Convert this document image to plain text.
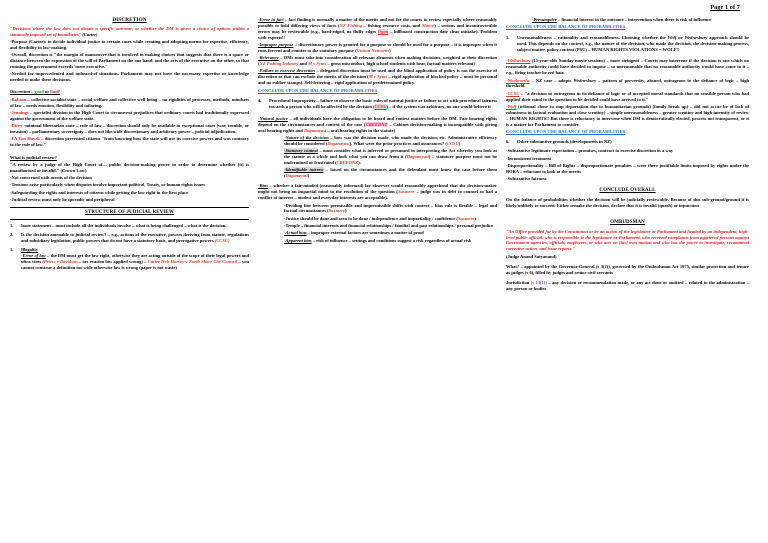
Page 1 of 7
DISCRETION

"Decisions where the law does not dictate a specific outcome, or whether the DM is given a choice of options within a statutorily imposed set of boundaries" (Carter)

-Purpose (Carter): to decide individual justice to certain cases while creating and adopting norms for expertise, efficiency, and flexibility in law-making.

-Overall, discretion is "the margin of manoeuvre that is involved in making choices that suggests that there is a space or distance between the expression of the will of Parliament on the one hand, and the acts of the executive on the other, so that running the government exceeds 'mere executive.'

-Needed for unprecedented and unheard-of situations. Parliament may not have the necessary expertise or knowledge needed to make these decisions.

Discretion – good or bad?

-Robson – collective socialist state – social welfare and collective well-being – no rigidities of processes, methods, mindsets of law – needs emotion, flexibility and tailoring.

-Jennings – specialist division in the High Court to circumvent prejudices that ordinary courts had traditionally expressed against the government of the welfare state.

-Dicey -minimal libertarian state – rule of law – discretion should only be available in exceptional cases (war, trouble, or invasion) – parliamentary sovereignty – does not like wide discretionary and arbitrary power – judicial adjudication.

-FA Von Hayek – discretion prevented citizens "from knowing how the state will use its coercive powers and was contrary to the rule of law."

What is judicial review?

"A review by a judge of the High Court of… public decision-making power in order to determine whether [it] is unauthorised or invalid." (Crown Law)

-Not concerned with merits of the decision

-Tensions arise particularly when disputes involve important political, Treaty, or human rights issues

-Safeguarding the rights and interests of citizens while getting the law right in the first place

-Judicial review must only be sporadic and peripheral

STRUCTURE OF JUDICIAL REVIEW
1.	Issue statement – must include all the individuals involve – what is being challenged – what is the decision.
2.	Is the decision amenable to judicial review? – e.g., actions of the executive, powers deriving from statute, regulations and subsidiary legislation, public powers that do not have a statutory basis, and prerogative powers (CCSU)
3.	Illegality

-Error of law – the DM must get the law right, otherwise they are acting outside of the scope of their legal powers and ultra vires (Peters v Davidson – tax evasion law applied wrong) – Carter Holt Harvey v North Shore City Council – you cannot construe a definition too wide otherwise law is wrong (paper is not waste)

-Error in fact – fact finding is normally a matter of the merits and not for the courts to review especially where reasonably possible to hold differing views of facts (NZ Fishing – fishing resource costs, and Moore) – serious and incontrovertible errors may be reviewable (e.g., hard-edged, no fluffy edges Ogan – billboard construction date clear mistake). Problem with experts!!

-Improper purpose – discretionary power is granted for a purpose so should be used for a purpose – it is improper when it runs fervent and counter to the statutory purpose (Unison Networks)

-Relevancy – DMs must take into consideration all relevant elements when making decisions, weighted at their discretion (NZ Fishing Industry and M v Syms – gross misconduct, high school students with bear, factual matters relevant)

-Failure to exercise discretion – delegated discretion must be used and the blind application of policy is not the exercise of discretion as that can exclude the merits of the decision (M v Syms – rigid application of blocked policy – must be personal and no rubber stamps). Self-fettering – rigid application of predetermined policy.

CONCLUDE UPON THE BALANCE OF PROBABILITIES

4.	Procedural Impropriety – failure to observe the basic rules of natural justice or failure to act with procedural fairness towards a person who will be affected by the decision (CCSU) – if the system was arbitrary, no one would believe it

-Natural justice – all individuals have the obligation to be heard and contest matters before the DM. Fair hearing rights depend on the circumstances and context of the case (CREEDNZ – Cabinet decision-making is incompatible with giving oral hearing rights and Daganayasi – oral hearing rights in the statute)

-Nature of the decision – how was the decision made, who made the decision, etc. Administrative efficiency should be considered (Daganayasi). What were the prior practices and assurances? (CCSU)

-Statutory context – must consider what is inferred or presumed in interpreting the Act whereby you look at the statute as a whole and look what you can draw from it (Daganayasi) – statutory purpose must not be undermined or frustrated (CREEDNZ).

-Identifiable interest – based on the circumstances and the defendant must know the case before them (Daganayasi)

-Bias – whether a fair-minded (reasonably informed) lay observer would reasonably apprehend that the decision-maker might not bring an impartial mind to the resolution of the question (Saxmere – judge was in debt to counsel so had a conflict of interest – modest and everyday interests are acceptable).

-Dividing line between permissible and impermissible shifts with context – bias rule is flexible – legal and factual circumstances (Saxmere)

-Justice should be done and seen to be done / independence and impartiality / confidence (Saxmere)

-Temple – financial interests and financial relationships / familial and past relationships / personal prejudice

-Actual bias – improper external factors are sometimes a matter of proof

-Apparent bias – risk of influence – settings and conditions suggest a risk regardless of actual risk

-Presumptive – financial interest in the outcome – intervention when there is risk of influence

CONCLUDE UPON THE BALANCE OF PROBABILITIES

5.	Unreasonableness – rationality and reasonableness. Choosing whether the Wolf or Wednesbury approach should be used. This depends on the context, e.g., the nature of the decision, who made the decision, the decision-making process, subject matter, policy content (PSU) – HUMAN RIGHTS VIOLATIONS = WOLF!!

-Wednesbury (15-year-olds Sunday movie sessions) – more stringent – Courts may intervene if the decision is one which no reasonable authority could have decided to impose – so unreasonable that no reasonable authority would have come to it – e.g., firing teacher be red hair.

-Woolworths – NZ case – adopts Wednesbury – pattern of perversity, absurd, outrageous in the defiance of logic – high threshold.

-CCSU – "a decision so outrageous in its defiance of logic or of accepted moral standards that no sensible person who had applied their mind to the question to be decided could have arrived to it."

-Wolf (tribunal chose to stop deportation due to humanitarian grounds) (family break up) – did not occur be of lack of robustness in factual evaluation and close scrutiny) – simple unreasonableness – greater scrutiny and high intensity of review – HUMAN RIGHTS!! But there is reluctancy to intervene when DM is democratically elected, process not transparent, or it is a matter for Parliament to consider.

CONCLUDE UPON THE BALANCE OF PROBABILITIES

6.	Other substantive grounds (developments in NZ)

-Substantive legitimate expectation – promises, contract to exercise discretion in a way

-Inconsistent treatment

-Disproportionality – Bill of Rights – disproportionate penalties – were there justifiable limits imposed by rights under the BORA – reluctant to look at the merits

-Substantive fairness

CONCLUDE OVERALL

On the balance of probabilities whether the decision will be judicially reviewable. Because of this sub-ground/ground it is likely/unlikely to succeed. Either remake the decision, declare that it is invalid (quash) or injunction

OMBUDSMAN

"An Office provided for by the Constitution or by an action of the legislature or Parliament and headed by an independent, high-level public official, who is responsible to the legislature or Parliament, who received complaints from aggrieved persons against Government agencies, officials, employees, or who acts on [his] own motion and who has the power to investigate, recommend corrective action, and issue reports."

(Judge Anand Satyanand)

What? – appointed by the Governor-General (s 3(2)), governed by the Ombudsman Act 1975, similar protection and tenure as judges (s 6), filled by judges and senior civil servants

Jurisdiction (s 13(1)) – any decision or recommendation made, or any act done or omitted – related to the administration – any person or bodies
